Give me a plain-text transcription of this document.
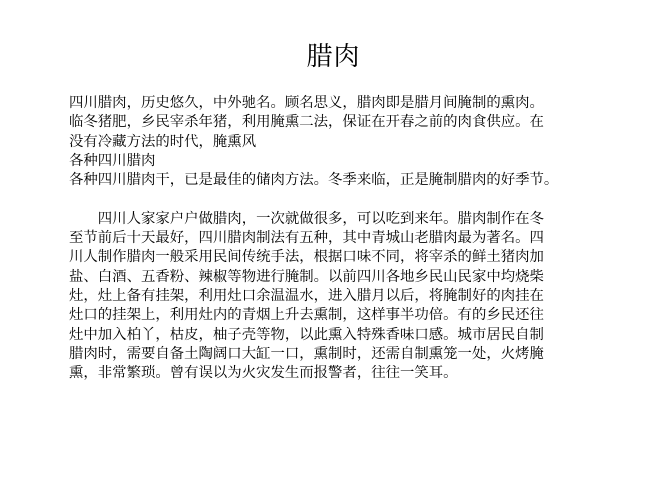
腊肉
四川腊肉，历史悠久，中外驰名。顾名思义，腊肉即是腊月间腌制的熏肉。
临冬猪肥，乡民宰杀年猪，利用腌熏二法，保证在开春之前的肉食供应。在
没有冷藏方法的时代，腌熏风
各种四川腊肉
各种四川腊肉干，已是最佳的储肉方法。冬季来临，正是腌制腊肉的好季节。
　　四川人家家户户做腊肉，一次就做很多，可以吃到来年。腊肉制作在冬
至节前后十天最好，四川腊肉制法有五种，其中青城山老腊肉最为著名。四
川人制作腊肉一般采用民间传统手法，根据口味不同，将宰杀的鲜土猪肉加
盐、白酒、五香粉、辣椒等物进行腌制。以前四川各地乡民山民家中均烧柴
灶，灶上备有挂架，利用灶口余温温水，进入腊月以后，将腌制好的肉挂在
灶口的挂架上，利用灶内的青烟上升去熏制，这样事半功倍。有的乡民还往
灶中加入柏丫，枯皮，柚子壳等物，以此熏入特殊香味口感。城市居民自制
腊肉时，需要自备土陶阔口大缸一口，熏制时，还需自制熏笼一处，火烤腌
熏，非常繁琐。曾有误以为火灾发生而报警者，往往一笑耳。
